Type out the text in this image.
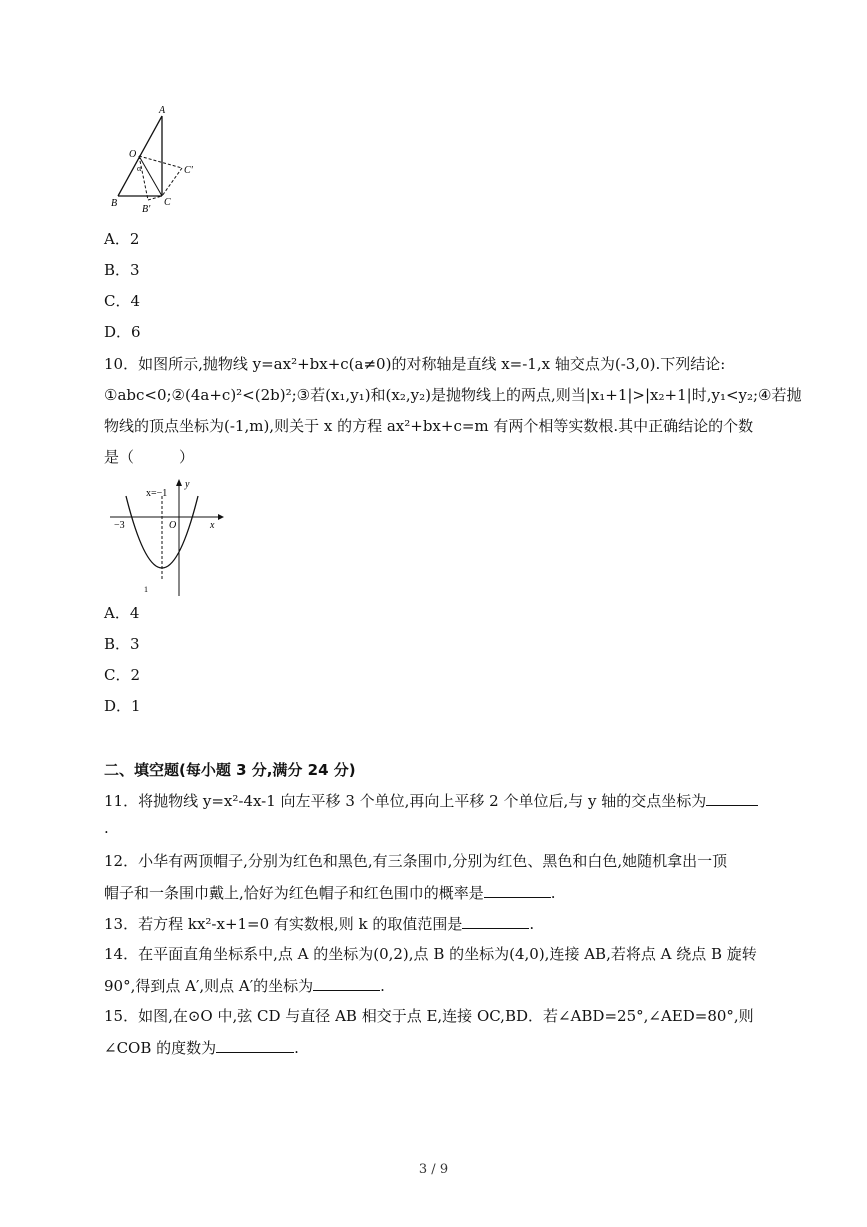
A
O
α	C'
B
B'
C
A．2
B．3
C．4
D．6
10．如图所示,抛物线 y=ax²+bx+c(a≠0)的对称轴是直线 x=-1,x 轴交点为(-3,0).下列结论:
①abc<0;②(4a+c)²<(2b)²;③若(x₁,y₁)和(x₂,y₂)是抛物线上的两点,则当|x₁+1|>|x₂+1|时,y₁<y₂;④若抛
物线的顶点坐标为(-1,m),则关于 x 的方程 ax²+bx+c=m 有两个相等实数根.其中正确结论的个数
是（　　　）
x=−1
y
x
−3	O
1
A．4
B．3
C．2
D．1
二、填空题(每小题 3 分,满分 24 分)
11．将抛物线 y=x²-4x-1 向左平移 3 个单位,再向上平移 2 个单位后,与 y 轴的交点坐标为
.
12．小华有两顶帽子,分别为红色和黑色,有三条围巾,分别为红色、黑色和白色,她随机拿出一顶
帽子和一条围巾戴上,恰好为红色帽子和红色围巾的概率是	.
13．若方程 kx²-x+1=0 有实数根,则 k 的取值范围是	.
14．在平面直角坐标系中,点 A 的坐标为(0,2),点 B 的坐标为(4,0),连接 AB,若将点 A 绕点 B 旋转
90°,得到点 A′,则点 A′的坐标为	.
15．如图,在⊙O 中,弦 CD 与直径 AB 相交于点 E,连接 OC,BD．若∠ABD=25°,∠AED=80°,则
∠COB 的度数为	.
3 / 9
